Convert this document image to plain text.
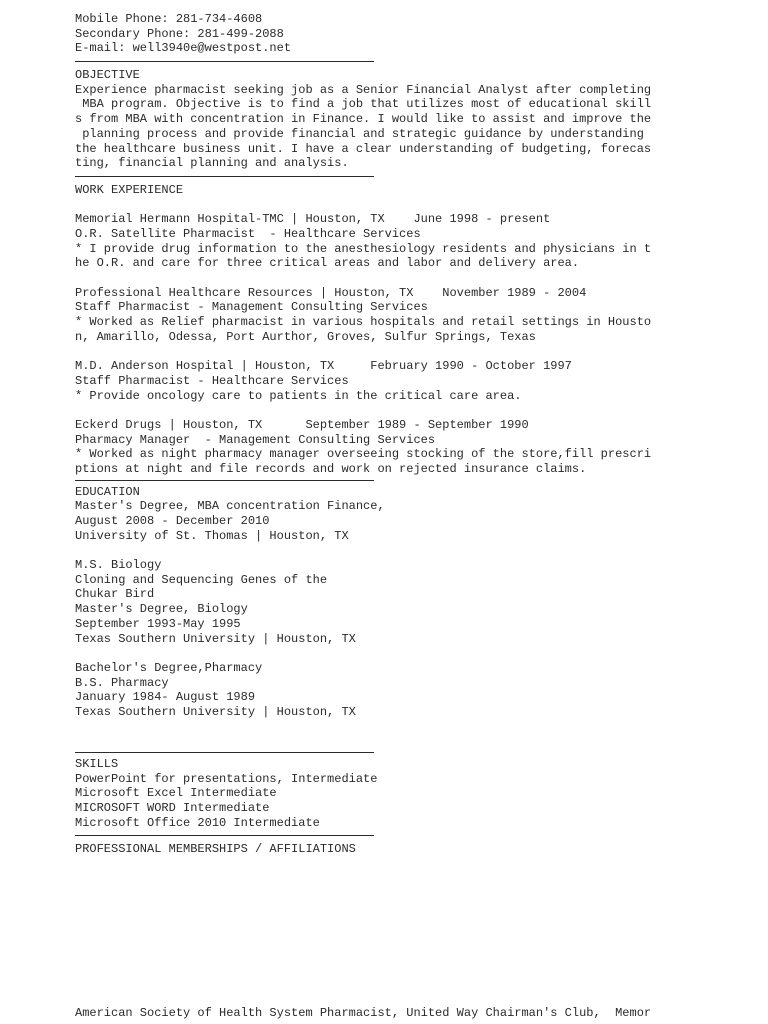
Mobile Phone: 281-734-4608
Secondary Phone: 281-499-2088
E-mail: well3940e@westpost.net
OBJECTIVE
Experience pharmacist seeking job as a Senior Financial Analyst after completing
MBA program. Objective is to find a job that utilizes most of educational skill
s from MBA with concentration in Finance. I would like to assist and improve the
planning process and provide financial and strategic guidance by understanding
the healthcare business unit. I have a clear understanding of budgeting, forecas
ting, financial planning and analysis.
WORK EXPERIENCE
Memorial Hermann Hospital-TMC | Houston, TX    June 1998 - present
O.R. Satellite Pharmacist  - Healthcare Services
* I provide drug information to the anesthesiology residents and physicians in t
he O.R. and care for three critical areas and labor and delivery area.
Professional Healthcare Resources | Houston, TX    November 1989 - 2004
Staff Pharmacist - Management Consulting Services
* Worked as Relief pharmacist in various hospitals and retail settings in Housto
n, Amarillo, Odessa, Port Aurthor, Groves, Sulfur Springs, Texas
M.D. Anderson Hospital | Houston, TX     February 1990 - October 1997
Staff Pharmacist - Healthcare Services
* Provide oncology care to patients in the critical care area.
Eckerd Drugs | Houston, TX      September 1989 - September 1990
Pharmacy Manager  - Management Consulting Services
* Worked as night pharmacy manager overseeing stocking of the store,fill prescri
ptions at night and file records and work on rejected insurance claims.
EDUCATION
Master's Degree, MBA concentration Finance,
August 2008 - December 2010
University of St. Thomas | Houston, TX
M.S. Biology
Cloning and Sequencing Genes of the
Chukar Bird
Master's Degree, Biology
September 1993-May 1995
Texas Southern University | Houston, TX
Bachelor's Degree,Pharmacy
B.S. Pharmacy
January 1984- August 1989
Texas Southern University | Houston, TX
SKILLS
PowerPoint for presentations, Intermediate
Microsoft Excel Intermediate
MICROSOFT WORD Intermediate
Microsoft Office 2010 Intermediate
PROFESSIONAL MEMBERSHIPS / AFFILIATIONS
American Society of Health System Pharmacist, United Way Chairman's Club,  Memor
